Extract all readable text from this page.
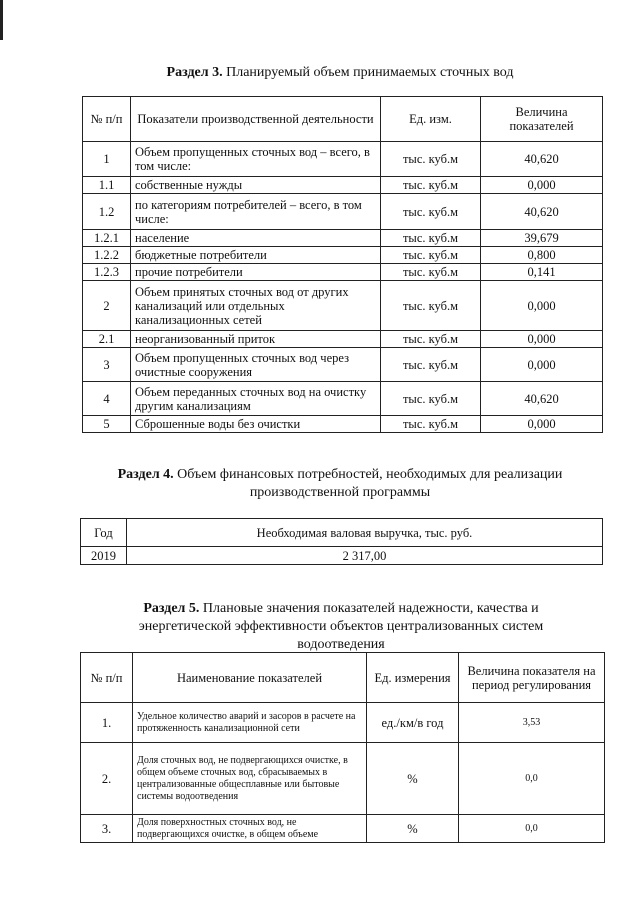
Раздел 3. Планируемый объем принимаемых сточных вод
№ п/п	Показатели производственной деятельности	Ед. изм.	Величина показателей
1	Объем пропущенных сточных вод – всего, в том числе:	тыс. куб.м	40,620
1.1	собственные нужды	тыс. куб.м	0,000
1.2	по категориям потребителей – всего, в том числе:	тыс. куб.м	40,620
1.2.1	население	тыс. куб.м	39,679
1.2.2	бюджетные потребители	тыс. куб.м	0,800
1.2.3	прочие потребители	тыс. куб.м	0,141
2	Объем принятых сточных вод от других канализаций или отдельных канализационных сетей	тыс. куб.м	0,000
2.1	неорганизованный приток	тыс. куб.м	0,000
3	Объем пропущенных сточных вод через очистные сооружения	тыс. куб.м	0,000
4	Объем переданных сточных вод на очистку другим канализациям	тыс. куб.м	40,620
5	Сброшенные воды без очистки	тыс. куб.м	0,000
Раздел 4. Объем финансовых потребностей, необходимых для реализации
производственной программы
Год	Необходимая валовая выручка, тыс. руб.
2019	2 317,00
Раздел 5. Плановые значения показателей надежности, качества и
энергетической эффективности объектов централизованных систем
водоотведения
№ п/п	Наименование показателей	Ед. измерения	Величина показателя на период регулирования
1.	Удельное количество аварий и засоров в расчете на протяженность канализационной сети	ед./км/в год	3,53
2.	Доля сточных вод, не подвергающихся очистке, в общем объеме сточных вод, сбрасываемых в централизованные общесплавные или бытовые системы водоотведения	%	0,0
3.	Доля поверхностных сточных вод, не подвергающихся очистке, в общем объеме	%	0,0
